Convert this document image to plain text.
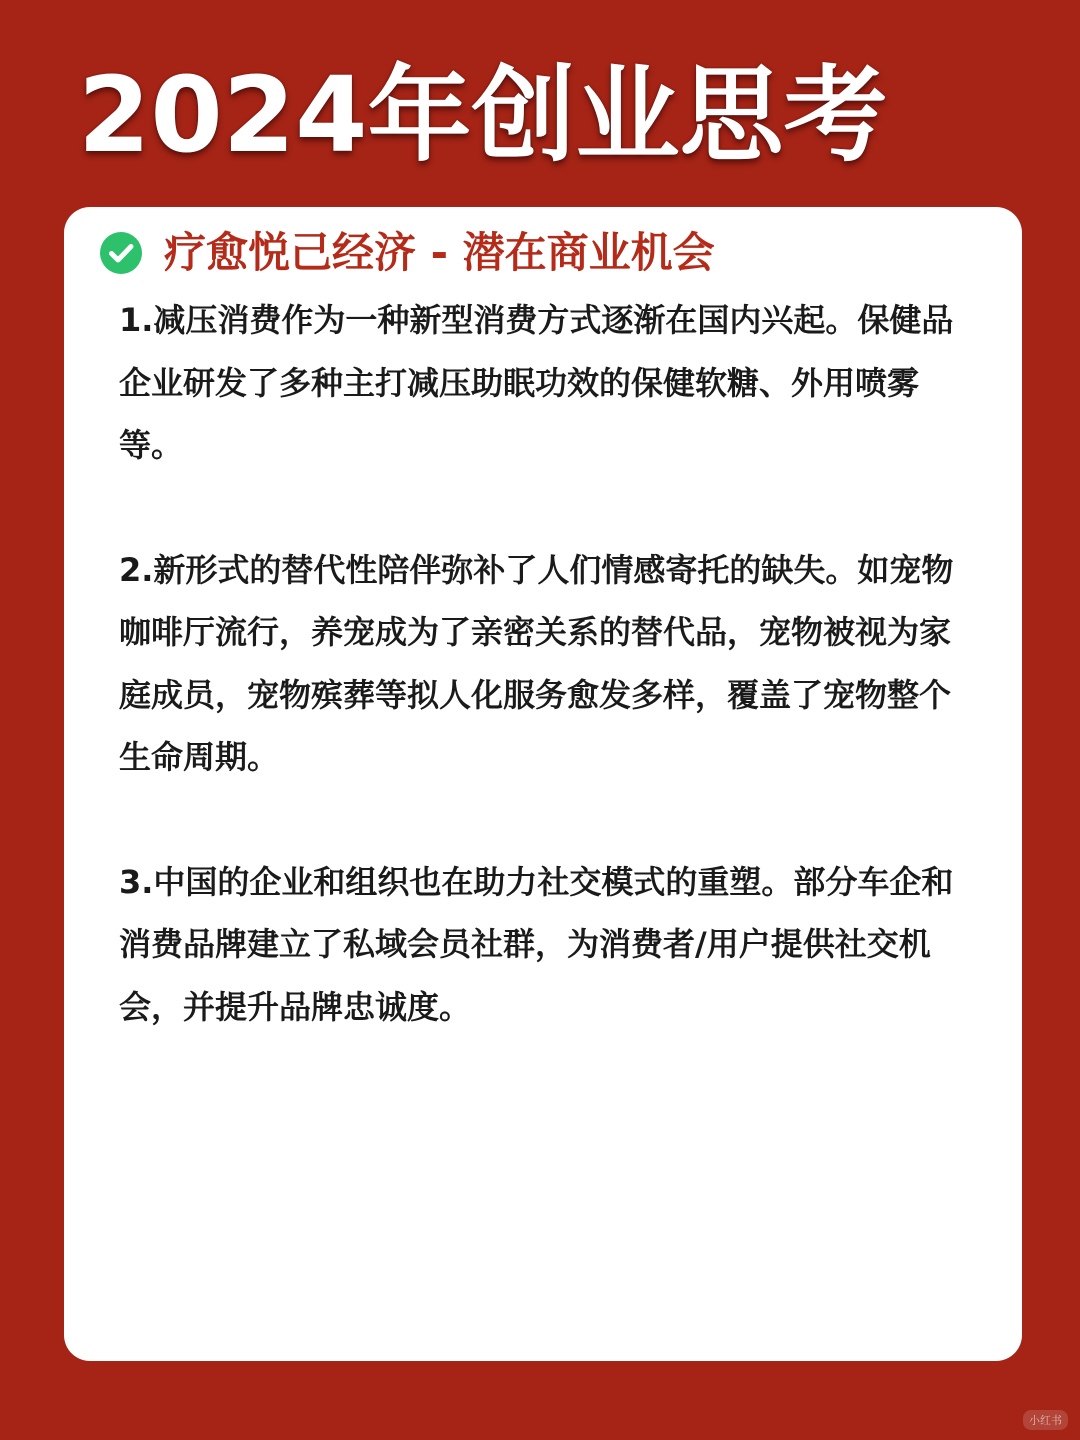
2024年创业思考
疗愈悦己经济 - 潜在商业机会

1.减压消费作为一种新型消费方式逐渐在国内兴起。保健品企业研发了多种主打减压助眠功效的保健软糖、外用喷雾等。

2.新形式的替代性陪伴弥补了人们情感寄托的缺失。如宠物咖啡厅流行，养宠成为了亲密关系的替代品，宠物被视为家庭成员，宠物殡葬等拟人化服务愈发多样，覆盖了宠物整个生命周期。

3.中国的企业和组织也在助力社交模式的重塑。部分车企和消费品牌建立了私域会员社群，为消费者/用户提供社交机会，并提升品牌忠诚度。

小红书
